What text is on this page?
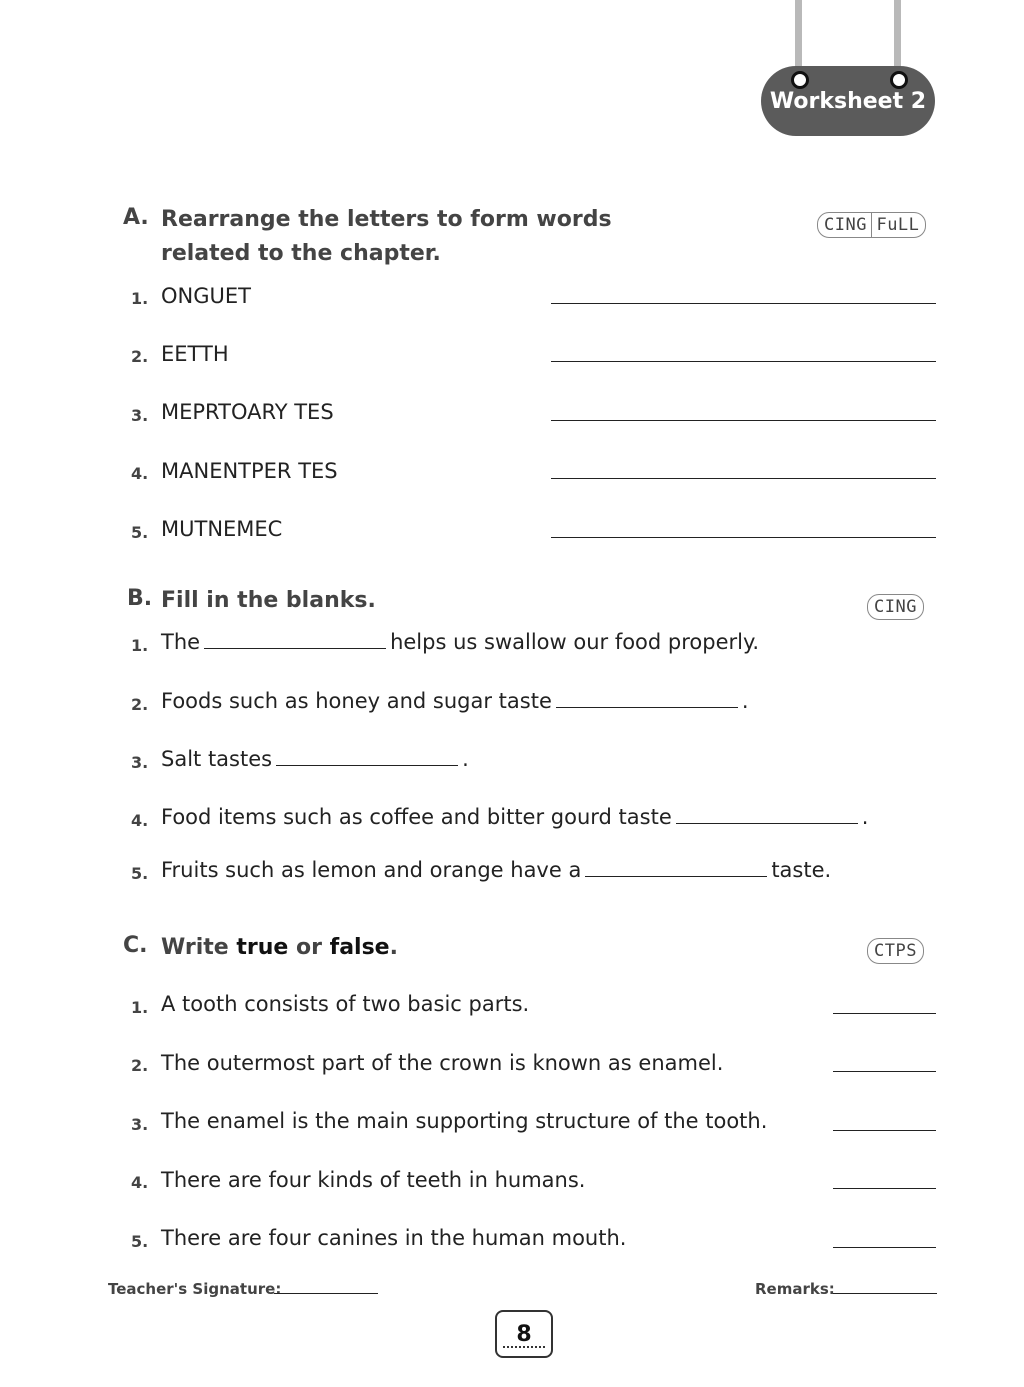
Worksheet 2
A. Rearrange the letters to form words related to the chapter.
CING FuLL
1. ONGUET
2. EETTH
3. MEPRTOARY TES
4. MANENTPER TES
5. MUTNEMEC
B. Fill in the blanks.	CING
1. The	helps us swallow our food properly.
2. Foods such as honey and sugar taste	.
3. Salt tastes	.
4. Food items such as coffee and bitter gourd taste	.
5. Fruits such as lemon and orange have a	taste.
C. Write true or false.	CTPS
1. A tooth consists of two basic parts.
2. The outermost part of the crown is known as enamel.
3. The enamel is the main supporting structure of the tooth.
4. There are four kinds of teeth in humans.
5. There are four canines in the human mouth.
Teacher's Signature:	Remarks:
8
